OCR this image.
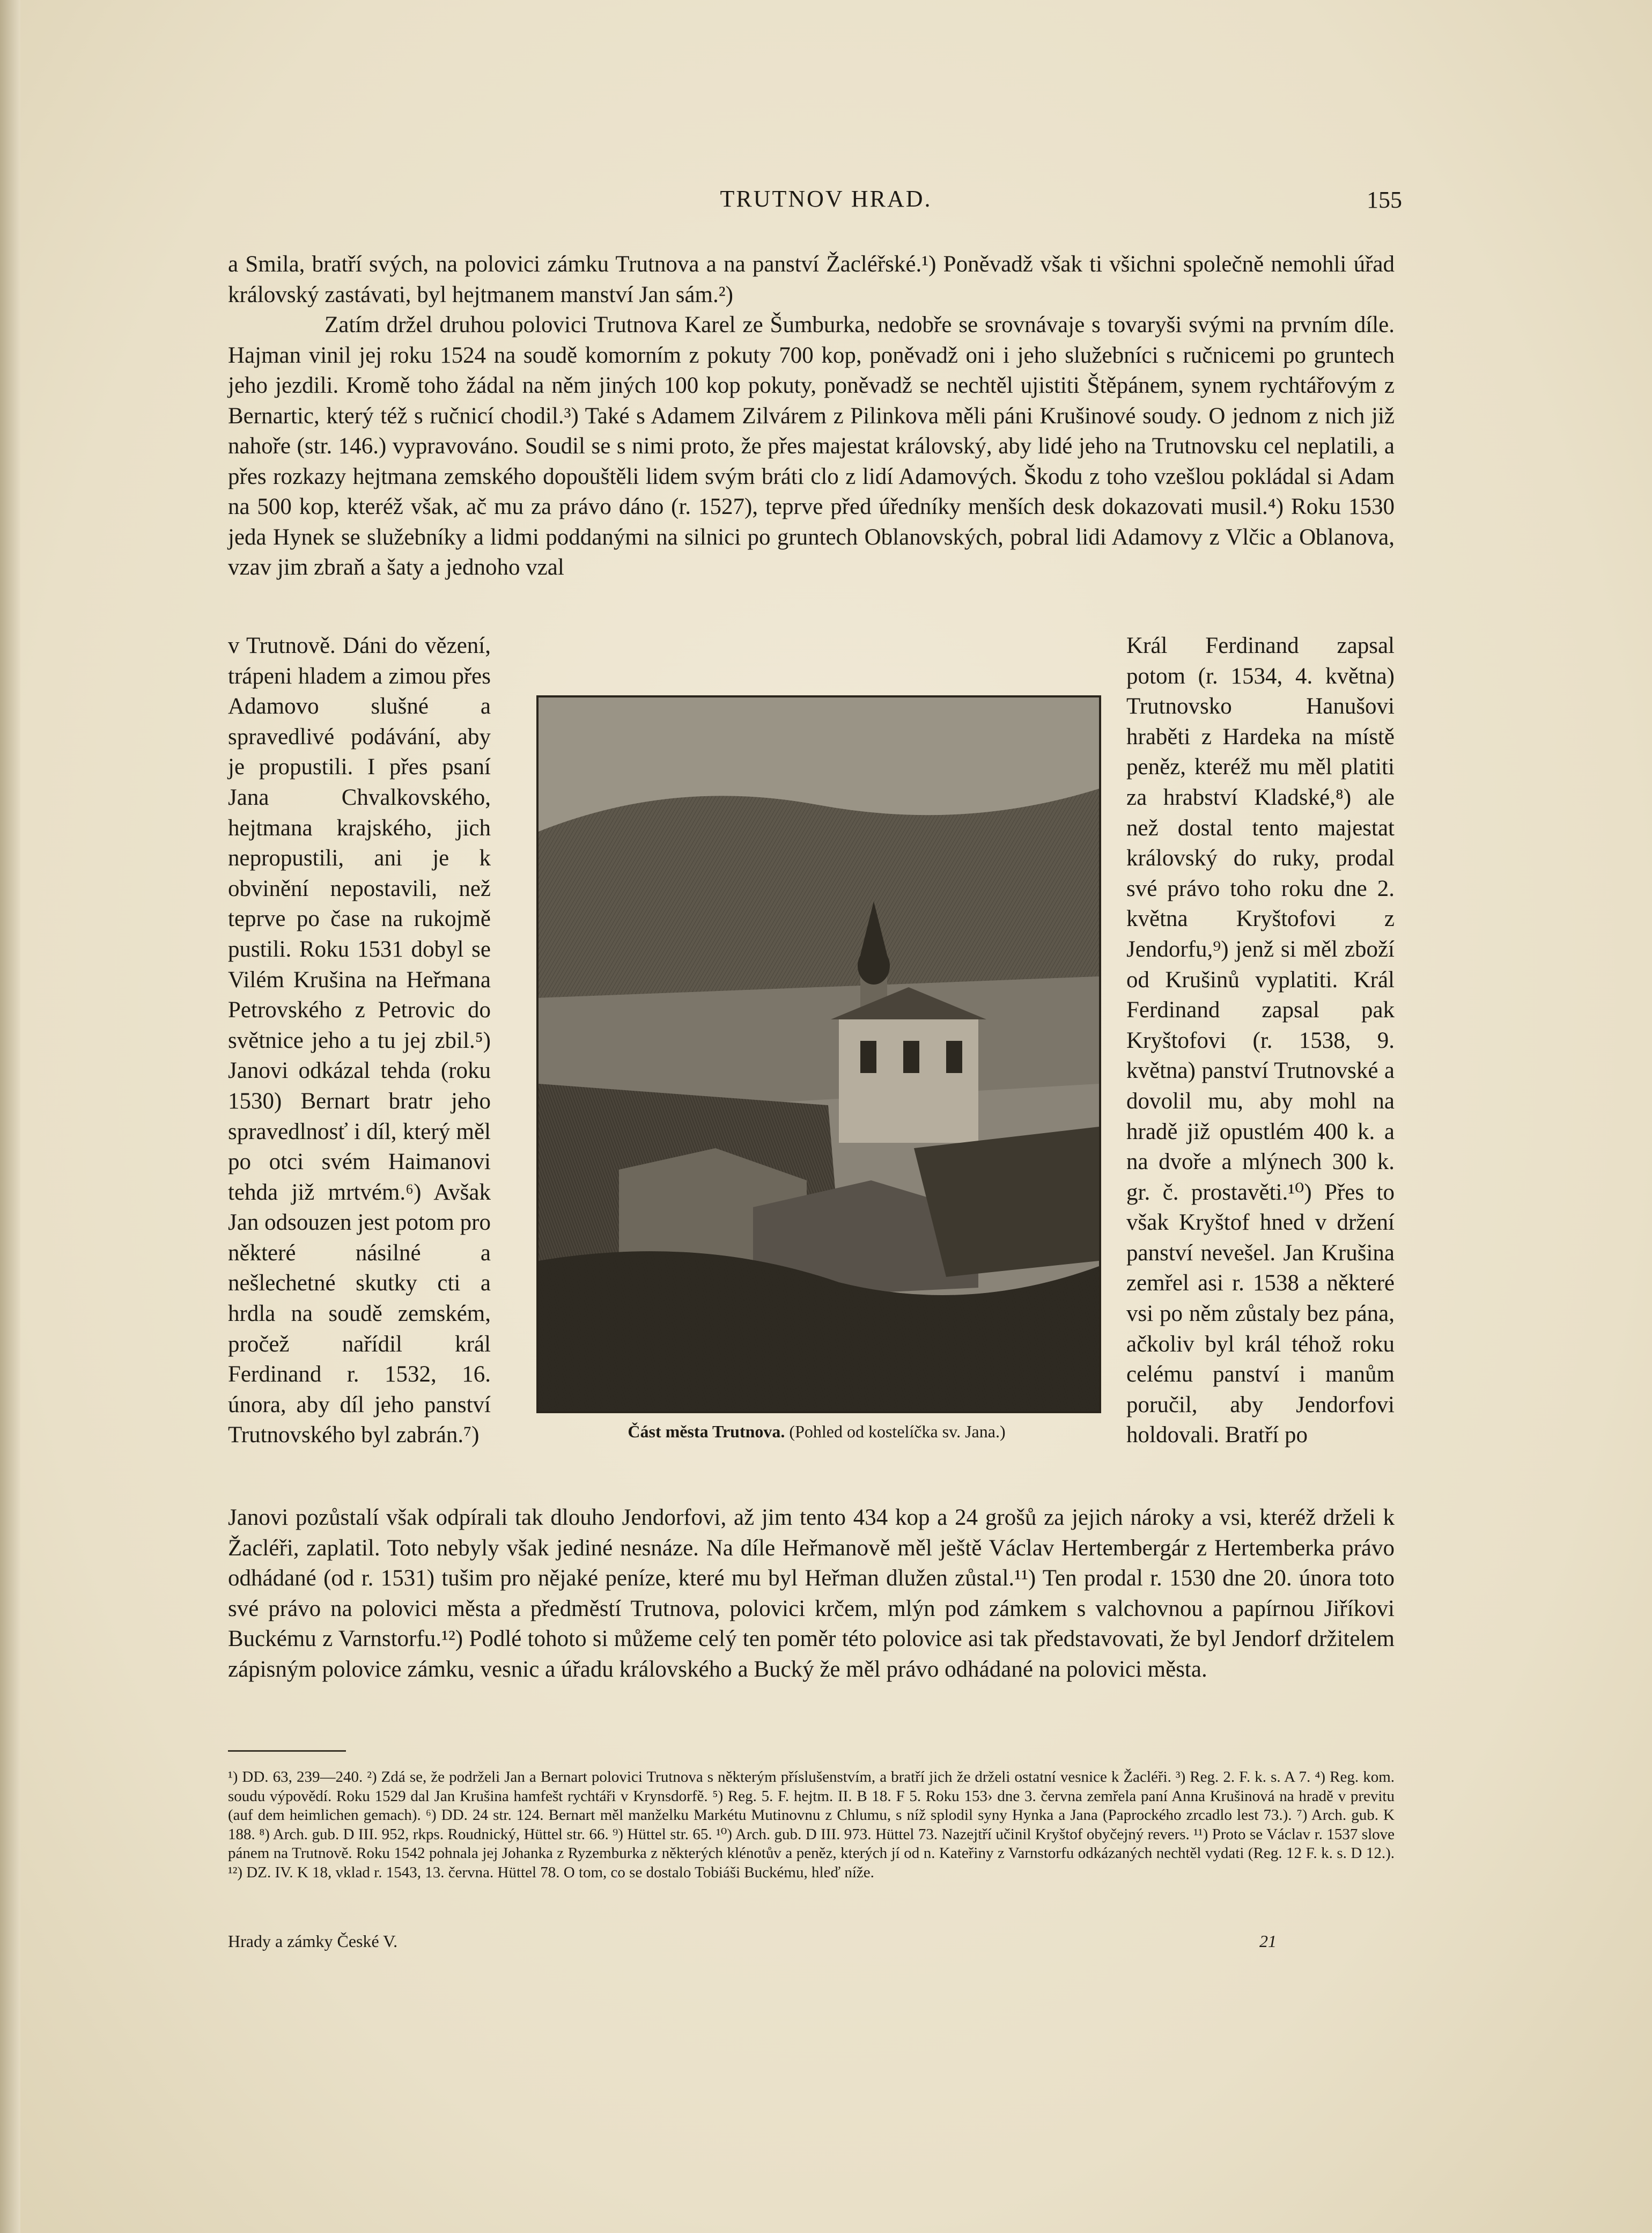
TRUTNOV HRAD.	155

a Smila, bratří svých, na polovici zámku Trutnova a na panství Žacléřské.¹) Poněvadž však ti všichni společně nemohli úřad královský zastávati, byl hejtmanem manství Jan sám.²)

Zatím držel druhou polovici Trutnova Karel ze Šumburka, nedobře se srovnávaje s tovaryši svými na prvním díle. Hajman vinil jej roku 1524 na soudě komorním z pokuty 700 kop, poněvadž oni i jeho služebníci s ručnicemi po gruntech jeho jezdili. Kromě toho žádal na něm jiných 100 kop pokuty, poněvadž se nechtěl ujistiti Štěpánem, synem rychtářovým z Bernartic, který též s ručnicí chodil.³) Také s Adamem Zilvárem z Pilinkova měli páni Krušinové soudy. O jednom z nich již nahoře (str. 146.) vypravováno. Soudil se s nimi proto, že přes majestat královský, aby lidé jeho na Trutnovsku cel neplatili, a přes rozkazy hejtmana zemského dopouštěli lidem svým bráti clo z lidí Adamových. Škodu z toho vzešlou pokládal si Adam na 500 kop, kteréž však, ač mu za právo dáno (r. 1527), teprve před úředníky menších desk dokazovati musil.⁴) Roku 1530 jeda Hynek se služebníky a lidmi poddanými na silnici po gruntech Oblanovských, pobral lidi Adamovy z Vlčic a Oblanova, vzav jim zbraň a šaty a jednoho vzal

v Trutnově. Dáni do vězení, trápeni hladem a zimou přes Adamovo slušné a spravedlivé podávání, aby je propustili. I přes psaní Jana Chvalkovského, hejtmana krajského, jich nepropustili, ani je k obvinění nepostavili, než teprve po čase na rukojmě pustili. Roku 1531 dobyl se Vilém Krušina na Heřmana Petrovského z Petrovic do světnice jeho a tu jej zbil.⁵) Janovi odkázal tehda (roku 1530) Bernart bratr jeho spravedlnosť i díl, který měl po otci svém Haimanovi tehda již mrtvém.⁶) Avšak Jan odsouzen jest potom pro některé násilné a nešlechetné skutky cti a hrdla na soudě zemském, pročež nařídil král Ferdinand r. 1532, 16. února, aby díl jeho panství Trutnovského byl zabrán.⁷)	Část města Trutnova. (Pohled od kostelíčka sv. Jana.)

Král Ferdinand zapsal potom (r. 1534, 4. května) Trutnovsko Hanušovi hraběti z Hardeka na místě peněz, kteréž mu měl platiti za hrabství Kladské,⁸) ale než dostal tento majestat královský do ruky, prodal své právo toho roku dne 2. května Kryštofovi z Jendorfu,⁹) jenž si měl zboží od Krušinů vyplatiti. Král Ferdinand zapsal pak Kryštofovi (r. 1538, 9. května) panství Trutnovské a dovolil mu, aby mohl na hradě již opustlém 400 k. a na dvoře a mlýnech 300 k. gr. č. prostavěti.¹⁰) Přes to však Kryštof hned v držení panství nevešel. Jan Krušina zemřel asi r. 1538 a některé vsi po něm zůstaly bez pána, ačkoliv byl král téhož roku celému panství i manům poručil, aby Jendorfovi holdovali. Bratří po

Janovi pozůstalí však odpírali tak dlouho Jendorfovi, až jim tento 434 kop a 24 grošů za jejich nároky a vsi, kteréž drželi k Žacléři, zaplatil. Toto nebyly však jediné nesnáze. Na díle Heřmanově měl ještě Václav Hertembergár z Hertemberka právo odhádané (od r. 1531) tušim pro nějaké peníze, které mu byl Heřman dlužen zůstal.¹¹) Ten prodal r. 1530 dne 20. února toto své právo na polovici města a předměstí Trutnova, polovici krčem, mlýn pod zámkem s valchovnou a papírnou Jiříkovi Buckému z Varnstorfu.¹²) Podlé tohoto si můžeme celý ten poměr této polovice asi tak představovati, že byl Jendorf držitelem zápisným polovice zámku, vesnic a úřadu královského a Bucký že měl právo odhádané na polovici města.

¹) DD. 63, 239—240. ²) Zdá se, že podrželi Jan a Bernart polovici Trutnova s některým příslušenstvím, a bratří jich že drželi ostatní vesnice k Žacléři. ³) Reg. 2. F. k. s. A 7. ⁴) Reg. kom. soudu výpovědí. Roku 1529 dal Jan Krušina hamfešt rychtáři v Krynsdorfě. ⁵) Reg. 5. F. hejtm. II. B 18. F 5. Roku 153› dne 3. června zemřela paní Anna Krušinová na hradě v previtu (auf dem heimlichen gemach). ⁶) DD. 24 str. 124. Bernart měl manželku Markétu Mutinovnu z Chlumu, s níž splodil syny Hynka a Jana (Paprockého zrcadlo lest 73.). ⁷) Arch. gub. K 188. ⁸) Arch. gub. D III. 952, rkps. Roudnický, Hüttel str. 66. ⁹) Hüttel str. 65. ¹⁰) Arch. gub. D III. 973. Hüttel 73. Nazejtří učinil Kryštof obyčejný revers. ¹¹) Proto se Václav r. 1537 slove pánem na Trutnově. Roku 1542 pohnala jej Johanka z Ryzemburka z některých klénotův a peněz, kterých jí od n. Kateřiny z Varnstorfu odkázaných nechtěl vydati (Reg. 12 F. k. s. D 12.). ¹²) DZ. IV. K 18, vklad r. 1543, 13. června. Hüttel 78. O tom, co se dostalo Tobiáši Buckému, hleď níže.
Hrady a zámky České V.	21
